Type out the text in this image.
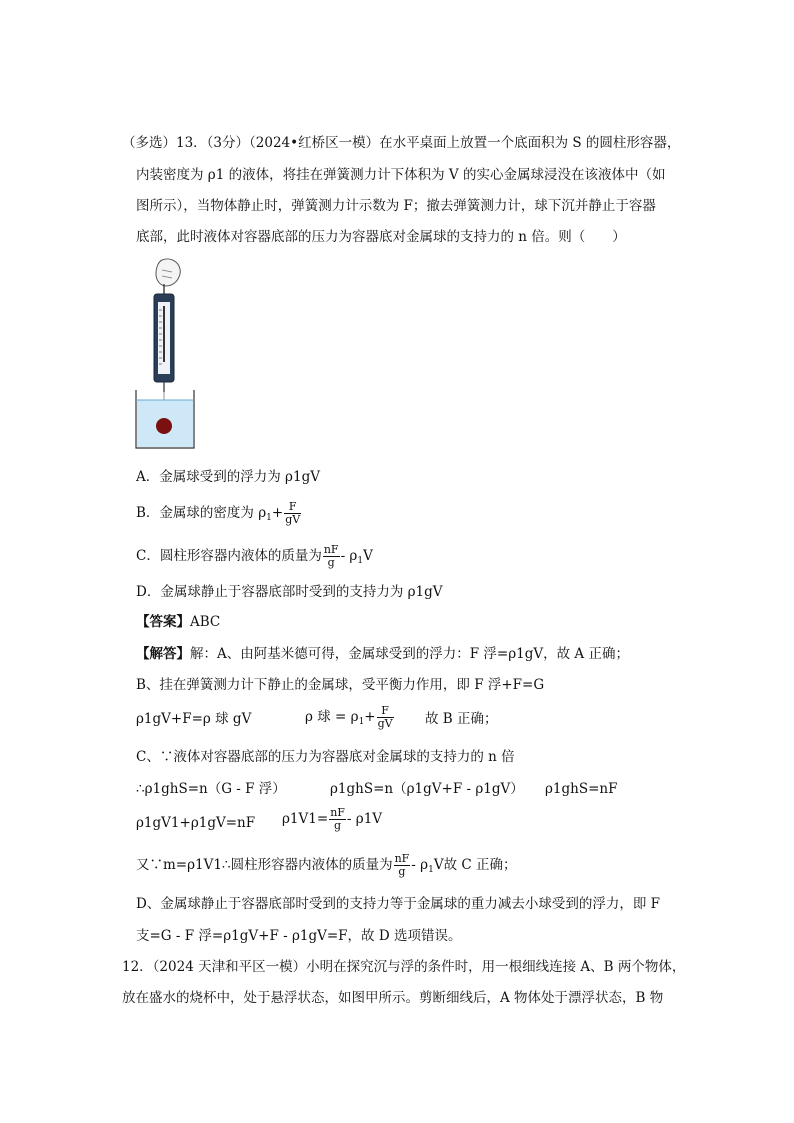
（多选）13．（3分）（2024•红桥区一模）在水平桌面上放置一个底面积为 S 的圆柱形容器，
内装密度为 ρ1 的液体，将挂在弹簧测力计下体积为 V 的实心金属球浸没在该液体中（如
图所示），当物体静止时，弹簧测力计示数为 F；撤去弹簧测力计，球下沉并静止于容器
底部，此时液体对容器底部的压力为容器底对金属球的支持力的 n 倍。则（　　）
A．金属球受到的浮力为 ρ1gV
B．金属球的密度为 $\rho_1+ \frac{F}{gV}$
C．圆柱形容器内液体的质量为 $\frac{nF}{g} - \rho_1V$
D．金属球静止于容器底部时受到的支持力为 ρ1gV
【答案】ABC
【解答】解：A、由阿基米德可得，金属球受到的浮力：F 浮=ρ1gV，故 A 正确；
B、挂在弹簧测力计下静止的金属球，受平衡力作用，即 F 浮+F=G
ρ1gV+F=ρ 球 gV	ρ 球 = $\rho_1+ \frac{F}{gV}$ 故 B 正确；
C、∵液体对容器底部的压力为容器底对金属球的支持力的 n 倍
∴ρ1ghS=n（G - F 浮）	ρ1ghS=n（ρ1gV+F - ρ1gV） ρ1ghS=nF
ρ1gV1+ρ1gV=nF $\rho 1V1= \frac{nF}{g} - \rho 1V$
又∵m=ρ1V1∴圆柱形容器内液体的质量为 $\frac{nF}{g} - \rho_1V$故 C 正确；
D、金属球静止于容器底部时受到的支持力等于金属球的重力减去小球受到的浮力，即 F
支=G - F 浮=ρ1gV+F - ρ1gV=F，故 D 选项错误。
12．（2024 天津和平区一模）小明在探究沉与浮的条件时，用一根细线连接 A、B 两个物体，
放在盛水的烧杯中，处于悬浮状态，如图甲所示。剪断细线后，A 物体处于漂浮状态，B 物
